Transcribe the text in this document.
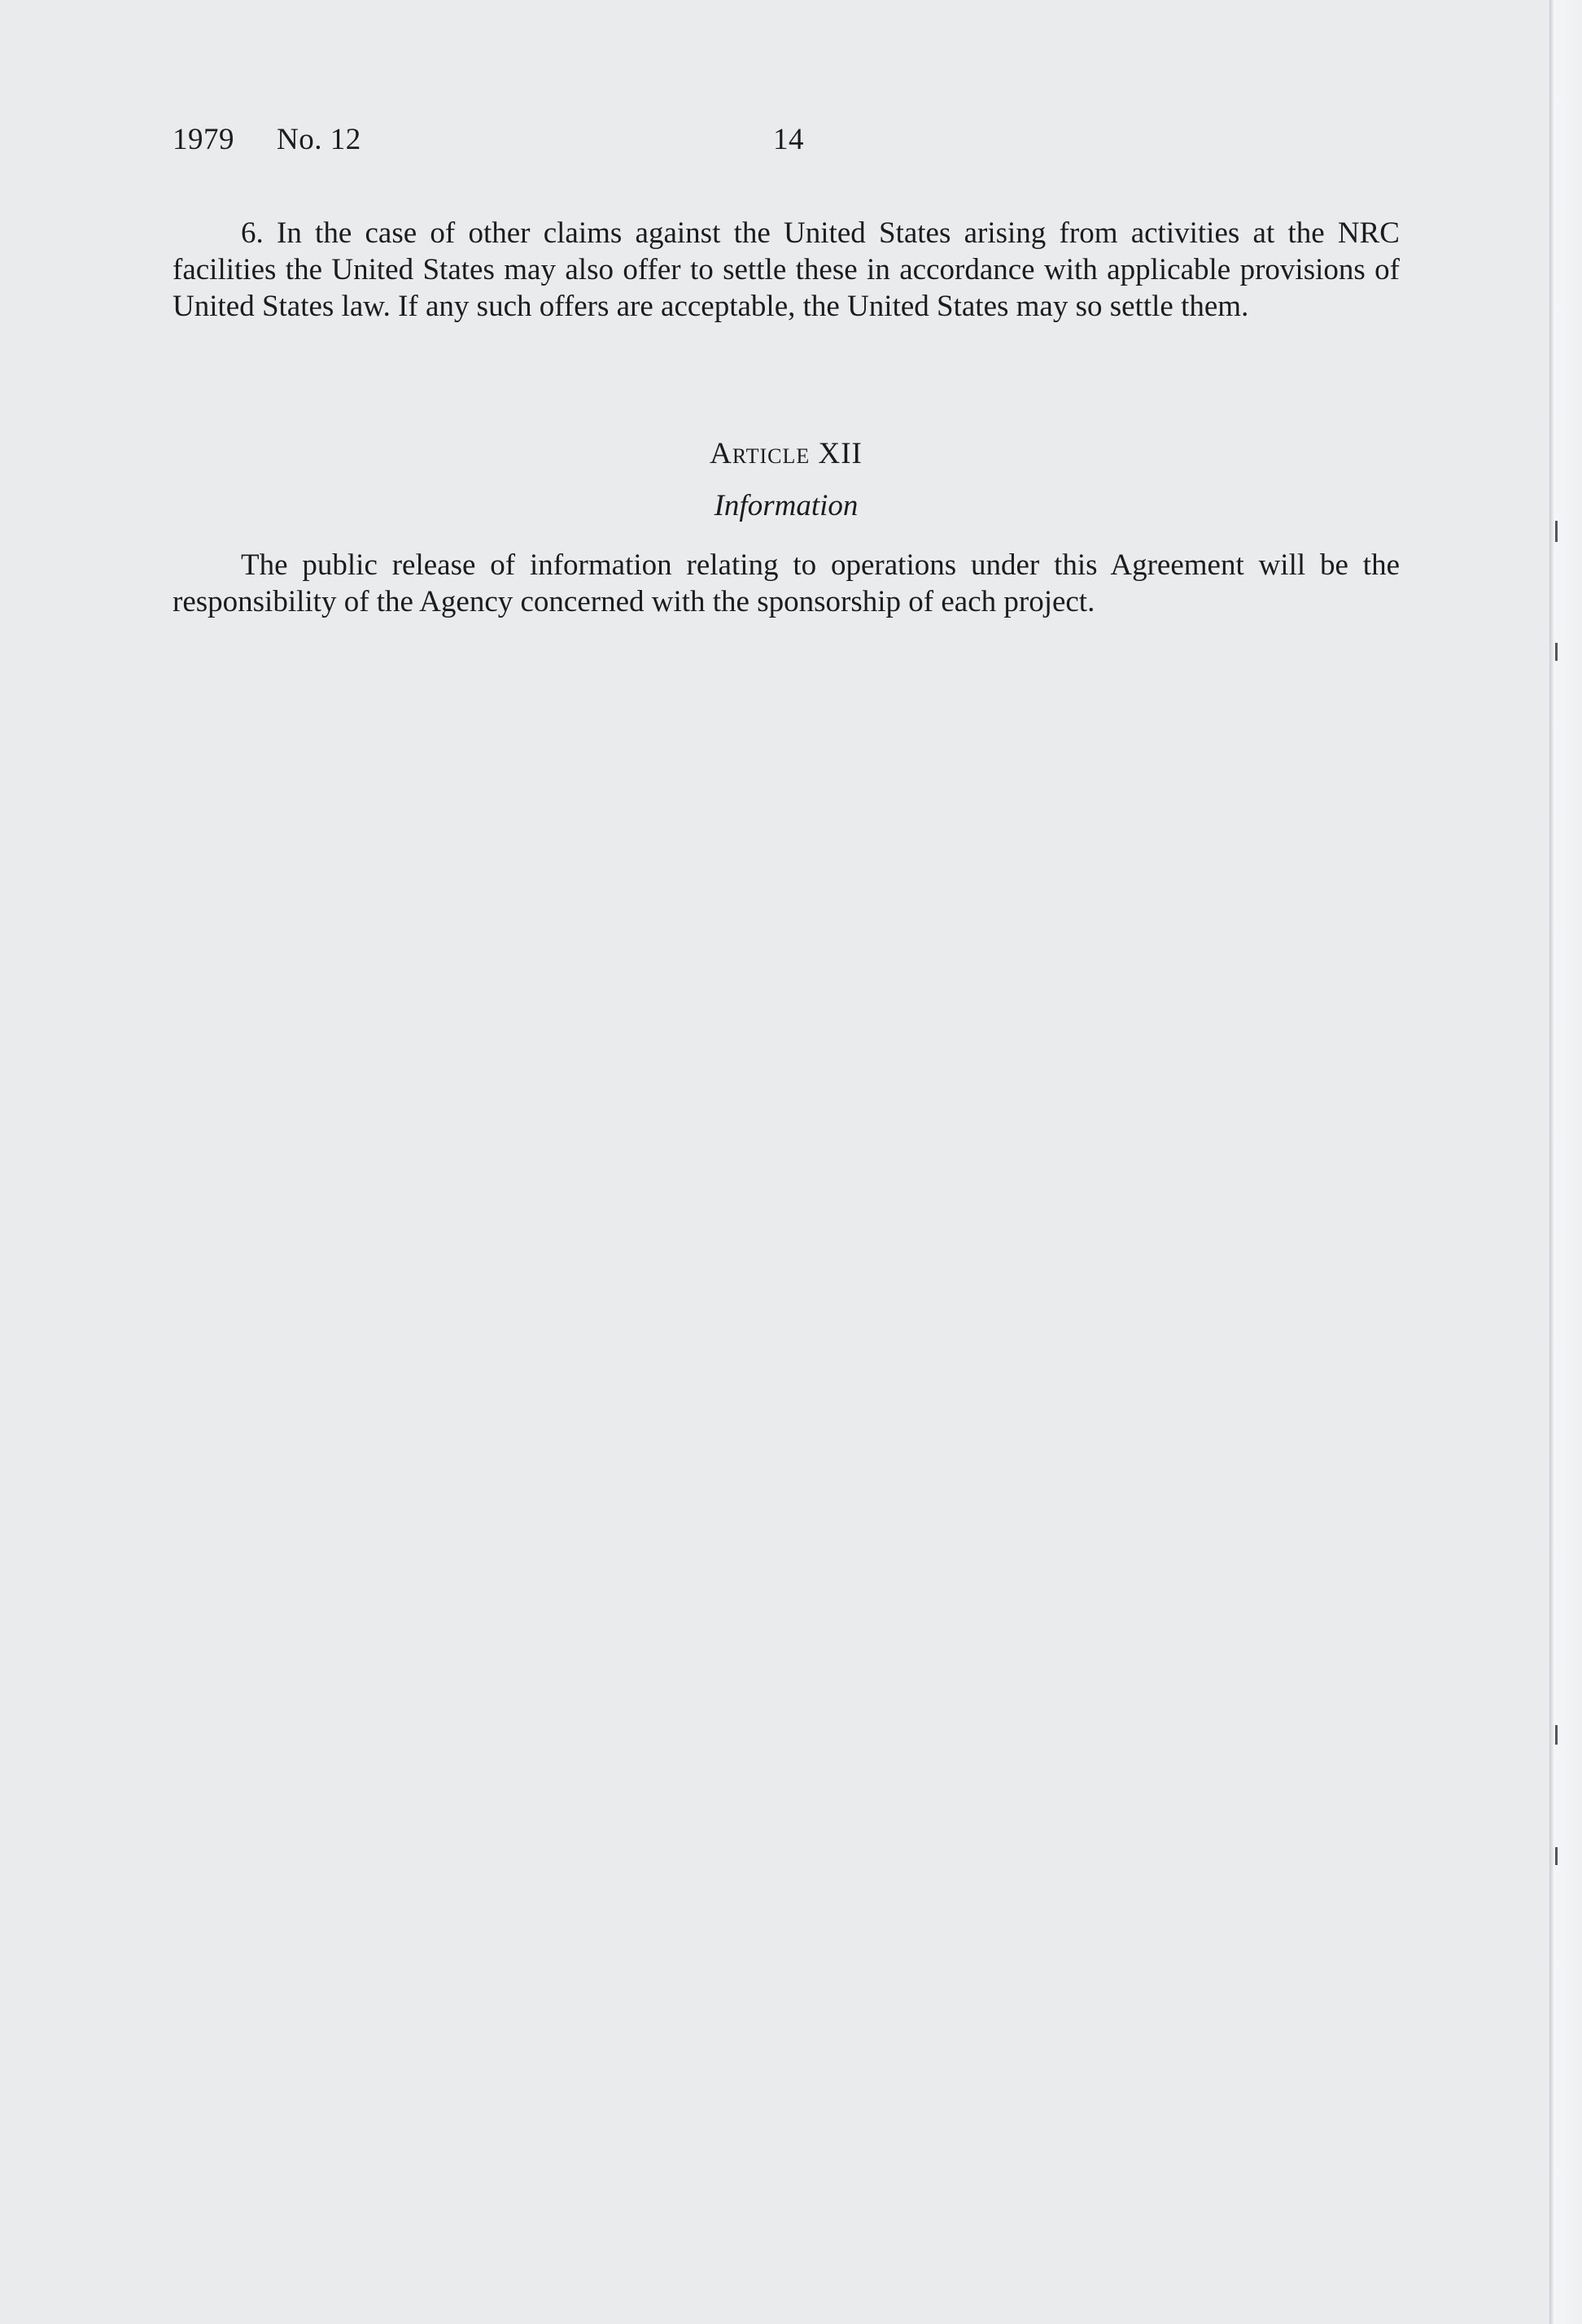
1979 No. 12	14
6. In the case of other claims against the United States arising from activities at the NRC facilities the United States may also offer to settle these in accordance with applicable provisions of United States law. If any such offers are acceptable, the United States may so settle them.
Article XII
Information
The public release of information relating to operations under this Agreement will be the responsibility of the Agency concerned with the sponsorship of each project.
